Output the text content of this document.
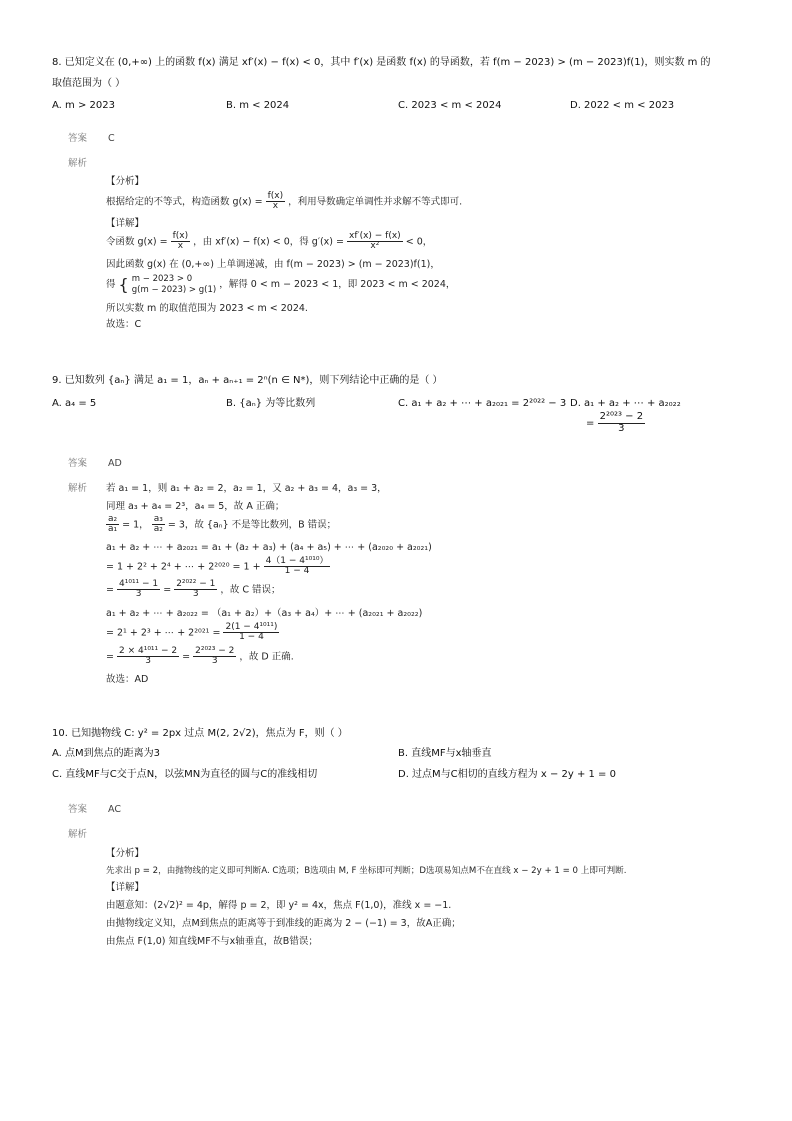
8. 已知定义在 (0,+∞) 上的函数 f(x) 满足 xf′(x) − f(x) < 0，其中 f′(x) 是函数 f(x) 的导函数，若 f(m − 2023) > (m − 2023)f(1)，则实数 m 的
取值范围为（ ）
A. m > 2023	B. m < 2024	C. 2023 < m < 2024	D. 2022 < m < 2023
答案 C
解析
【分析】
根据给定的不等式，构造函数 $g(x) = \frac{f(x)}{x}$ ，利用导数确定单调性并求解不等式即可.
【详解】
令函数 $g(x) = \frac{f(x)}{x}$ ，由 xf′(x) − f(x) < 0，得 $g'(x) = \frac{xf'(x) - f(x)}{\text{x²}} < 0$，
因此函数 g(x) 在 (0,+∞) 上单调递减，由 f(m − 2023) > (m − 2023)f(1)，
得 { m − 2023 > 0
g(m − 2023) > g(1) ，解得 0 < m − 2023 < 1，即 2023 < m < 2024，
所以实数 m 的取值范围为 2023 < m < 2024.
故选：C
9. 已知数列 {aₙ} 满足 a₁ = 1，aₙ + aₙ₊₁ = 2ⁿ(n ∈ N*)，则下列结论中正确的是（ ）
A. a₄ = 5	B. {aₙ} 为等比数列	C. a₁ + a₂ + ⋯ + a₂₀₂₁ = 2²⁰²² − 3 D. a₁ + a₂ + ⋯ + a₂₀₂₂
= $\frac{\text{2²⁰²³ − 2}}{3}$
答案 AD
解析 若 a₁ = 1，则 a₁ + a₂ = 2，a₂ = 1，又 a₂ + a₃ = 4，a₃ = 3，
同理 a₃ + a₄ = 2³，a₄ = 5，故 A 正确；
$\frac{\text{a₂}}{\text{a₁}} = 1$， $\frac{\text{a₃}}{\text{a₂}} = 3$，故 {aₙ} 不是等比数列，B 错误；
a₁ + a₂ + ⋯ + a₂₀₂₁ = a₁ + (a₂ + a₃) + (a₄ + a₅) + ⋯ + (a₂₀₂₀ + a₂₀₂₁)
= 1 + 2² + 2⁴ + ⋯ + $2^{2020} = 1 + \frac{\text{4（1 − 4¹⁰¹⁰）}}{1 - 4}$
= $\frac{\text{4¹⁰¹¹ − 1}}{3} = \frac{\text{2²⁰²² − 1}}{3}$ ，故 C 错误；
a₁ + a₂ + ⋯ + a₂₀₂₂ = （a₁ + a₂）+（a₃ + a₄）+ ⋯ + (a₂₀₂₁ + a₂₀₂₂)
= 2¹ + 2³ + ⋯ + $2^{2021} = \frac{\text{2(1 − 4¹⁰¹¹)}}{1 - 4}$
= $\frac{\text{2 × 4¹⁰¹¹ − 2}}{3} = \frac{\text{2²⁰²³ − 2}}{3}$ ，故 D 正确.
故选：AD
10. 已知抛物线 C: y² = 2px 过点 M(2, 2√2)，焦点为 F，则（ ）
A. 点M到焦点的距离为3	B. 直线MF与x轴垂直
C. 直线MF与C交于点N，以弦MN为直径的圆与C的准线相切	D. 过点M与C相切的直线方程为 x − 2y + 1 = 0
答案 AC
解析
【分析】
先求出 p = 2，由抛物线的定义即可判断A. C选项；B选项由 M, F 坐标即可判断；D选项易知点M不在直线 x − 2y + 1 = 0 上即可判断.
【详解】
由题意知：(2√2)² = 4p，解得 p = 2，即 y² = 4x，焦点 F(1,0)，准线 x = −1.
由抛物线定义知，点M到焦点的距离等于到准线的距离为 2 − (−1) = 3，故A正确；
由焦点 F(1,0) 知直线MF不与x轴垂直，故B错误；
